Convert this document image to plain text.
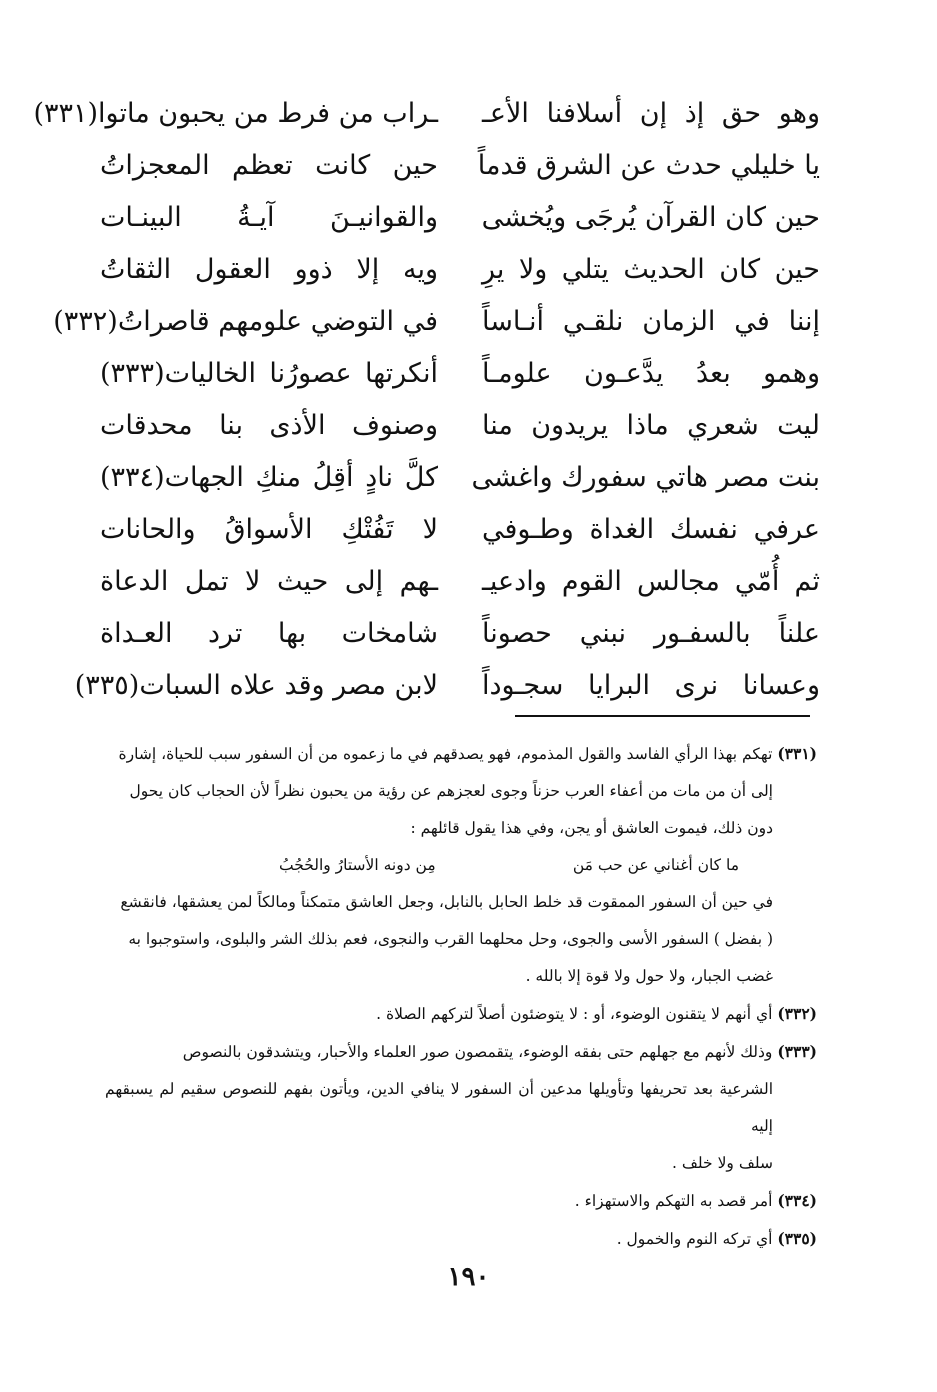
وهو حق إذ إن أسلافنا الأعـ
ـراب من فرط من يحبون ماتوا(٣٣١)
يا خليلي حدث عن الشرق قدماً
حين كانت تعظم المعجزاتُ
حين كان القرآن يُرجَى ويُخشى
والقوانيـنَ آيـةُ البينـات
حين كان الحديث يتلي ولا يرِ
ويه إلا ذوو العقول الثقاتُ
إننا في الزمان نلقـي أنـاساً
في التوضي علومهم قاصراتُ(٣٣٢)
وهمو بعدُ يدَّعـون علومـاً
أنكرتها عصورُنا الخاليات(٣٣٣)
ليت شعري ماذا يريدون منا
وصنوف الأذى بنا محدقات
بنت مصر هاتي سفورك واغشى
كلَّ نادٍ أقِلُ منكِ الجهات(٣٣٤)
عرفي نفسك الغداة وطـوفي
لا تَفُتْكِ الأسواقُ والحانات
ثم أُمّي مجالس القوم وادعيـ
ـهم إلى حيث لا تمل الدعاة
علناً بالسفـور نبني حصوناً
شامخات بها ترد العـداة
وعسانا نرى البرايا سجـوداً
لابن مصر وقد علاه السبات(٣٣٥)
(٣٣١) تهكم بهذا الرأي الفاسد والقول المذموم، فهو يصدقهم في ما زعموه من أن السفور سبب للحياة، إشارة
إلى أن من مات من أعفاء العرب حزناً وجوى لعجزهم عن رؤية من يحبون نظراً لأن الحجاب كان يحول
دون ذلك، فيموت العاشق أو يجن، وفي هذا يقول قائلهم :
ما كان أغناني عن حب مَن
مِن دونه الأستارُ والحُجُبُ
في حين أن السفور الممقوت قد خلط الحابل بالنابل، وجعل العاشق متمكناً ومالكاً لمن يعشقها، فانقشع
( بفضل ) السفور الأسى والجوى، وحل محلهما القرب والنجوى، فعم بذلك الشر والبلوى، واستوجبوا به
غضب الجبار، ولا حول ولا قوة إلا بالله .
(٣٣٢) أي أنهم لا يتقنون الوضوء، أو : لا يتوضئون أصلاً لتركهم الصلاة .
(٣٣٣) وذلك لأنهم مع جهلهم حتى بفقه الوضوء، يتقمصون صور العلماء والأحبار، ويتشدقون بالنصوص
الشرعية بعد تحريفها وتأويلها مدعين أن السفور لا ينافي الدين، ويأتون بفهم للنصوص سقيم لم يسبقهم إليه
سلف ولا خلف .
(٣٣٤) أمر قصد به التهكم والاستهزاء .
(٣٣٥) أي تركه النوم والخمول .
١٩٠
